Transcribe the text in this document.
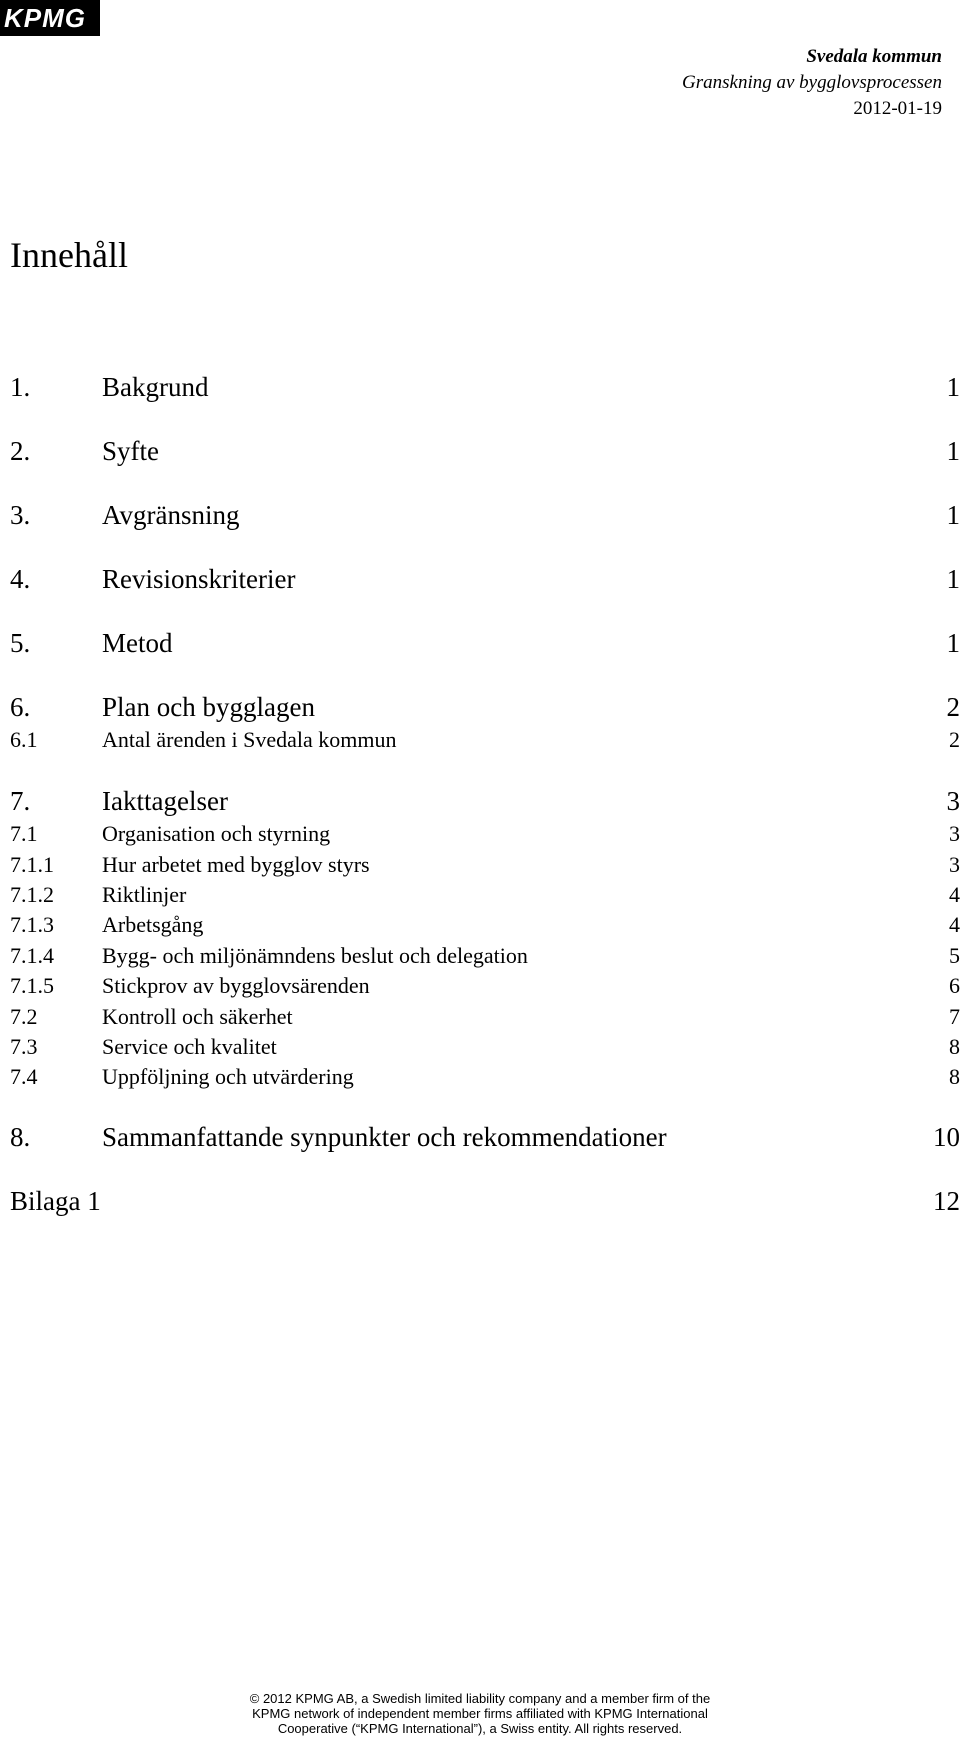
KPMG
Svedala kommun
Granskning av bygglovsprocessen
2012-01-19
Innehåll
1.	Bakgrund	1
2.	Syfte	1
3.	Avgränsning	1
4.	Revisionskriterier	1
5.	Metod	1
6.	Plan och bygglagen	2
6.1	Antal ärenden i Svedala kommun	2
7.	Iakttagelser	3
7.1	Organisation och styrning	3
7.1.1 Hur arbetet med bygglov styrs	3
7.1.2 Riktlinjer	4
7.1.3 Arbetsgång	4
7.1.4 Bygg- och miljönämndens beslut och delegation	5
7.1.5 Stickprov av bygglovsärenden	6
7.2	Kontroll och säkerhet	7
7.3	Service och kvalitet	8
7.4	Uppföljning och utvärdering	8
8.	Sammanfattande synpunkter och rekommendationer	10
Bilaga 1	12
© 2012 KPMG AB, a Swedish limited liability company and a member firm of the
KPMG network of independent member firms affiliated with KPMG International
Cooperative (“KPMG International”), a Swiss entity. All rights reserved.
